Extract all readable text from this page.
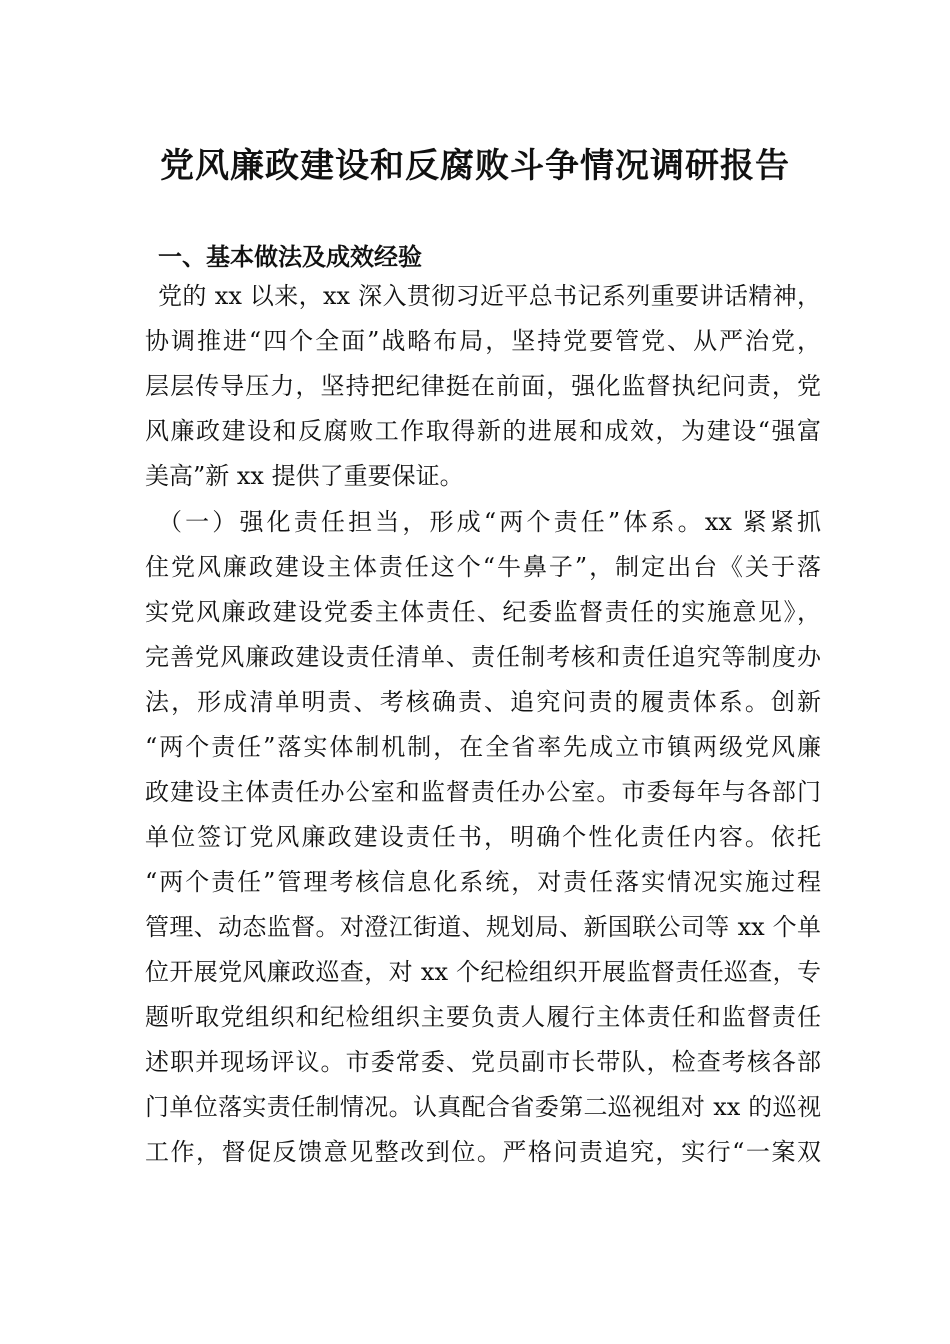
党风廉政建设和反腐败斗争情况调研报告
一、基本做法及成效经验
党的 xx 以来，xx 深入贯彻习近平总书记系列重要讲话精神，
协调推进“四个全面”战略布局，坚持党要管党、从严治党，
层层传导压力，坚持把纪律挺在前面，强化监督执纪问责，党
风廉政建设和反腐败工作取得新的进展和成效，为建设“强富
美高”新 xx 提供了重要保证。
（一）强化责任担当，形成“两个责任”体系。xx 紧紧抓
住党风廉政建设主体责任这个“牛鼻子”，制定出台《关于落
实党风廉政建设党委主体责任、纪委监督责任的实施意见》，
完善党风廉政建设责任清单、责任制考核和责任追究等制度办
法，形成清单明责、考核确责、追究问责的履责体系。创新
“两个责任”落实体制机制，在全省率先成立市镇两级党风廉
政建设主体责任办公室和监督责任办公室。市委每年与各部门
单位签订党风廉政建设责任书，明确个性化责任内容。依托
“两个责任”管理考核信息化系统，对责任落实情况实施过程
管理、动态监督。对澄江街道、规划局、新国联公司等 xx 个单
位开展党风廉政巡查，对 xx 个纪检组织开展监督责任巡查，专
题听取党组织和纪检组织主要负责人履行主体责任和监督责任
述职并现场评议。市委常委、党员副市长带队，检查考核各部
门单位落实责任制情况。认真配合省委第二巡视组对 xx 的巡视
工作，督促反馈意见整改到位。严格问责追究，实行“一案双
